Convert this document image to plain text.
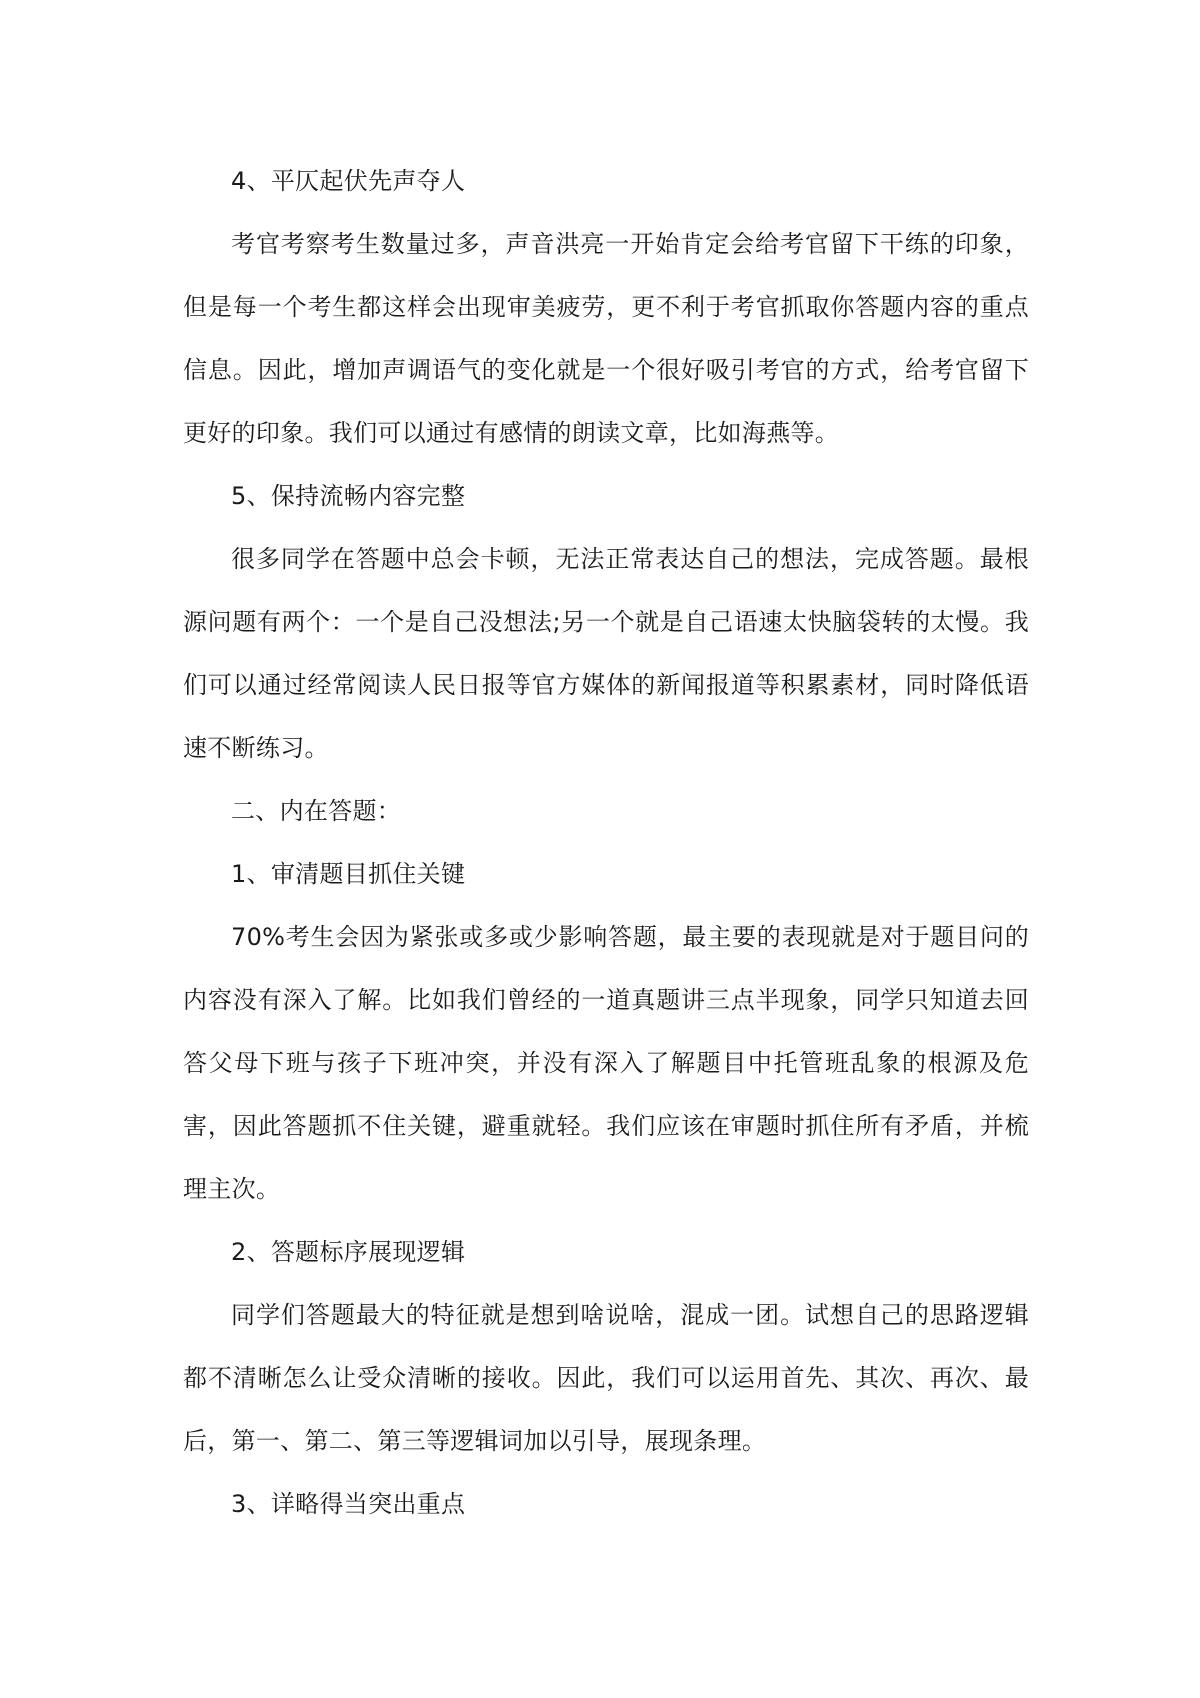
4、平仄起伏先声夺人

考官考察考生数量过多，声音洪亮一开始肯定会给考官留下干练的印象，但是每一个考生都这样会出现审美疲劳，更不利于考官抓取你答题内容的重点信息。因此，增加声调语气的变化就是一个很好吸引考官的方式，给考官留下更好的印象。我们可以通过有感情的朗读文章，比如海燕等。

5、保持流畅内容完整

很多同学在答题中总会卡顿，无法正常表达自己的想法，完成答题。最根源问题有两个：一个是自己没想法;另一个就是自己语速太快脑袋转的太慢。我们可以通过经常阅读人民日报等官方媒体的新闻报道等积累素材，同时降低语速不断练习。

二、内在答题：

1、审清题目抓住关键

70%考生会因为紧张或多或少影响答题，最主要的表现就是对于题目问的内容没有深入了解。比如我们曾经的一道真题讲三点半现象，同学只知道去回答父母下班与孩子下班冲突，并没有深入了解题目中托管班乱象的根源及危害，因此答题抓不住关键，避重就轻。我们应该在审题时抓住所有矛盾，并梳理主次。

2、答题标序展现逻辑

同学们答题最大的特征就是想到啥说啥，混成一团。试想自己的思路逻辑都不清晰怎么让受众清晰的接收。因此，我们可以运用首先、其次、再次、最后，第一、第二、第三等逻辑词加以引导，展现条理。

3、详略得当突出重点
